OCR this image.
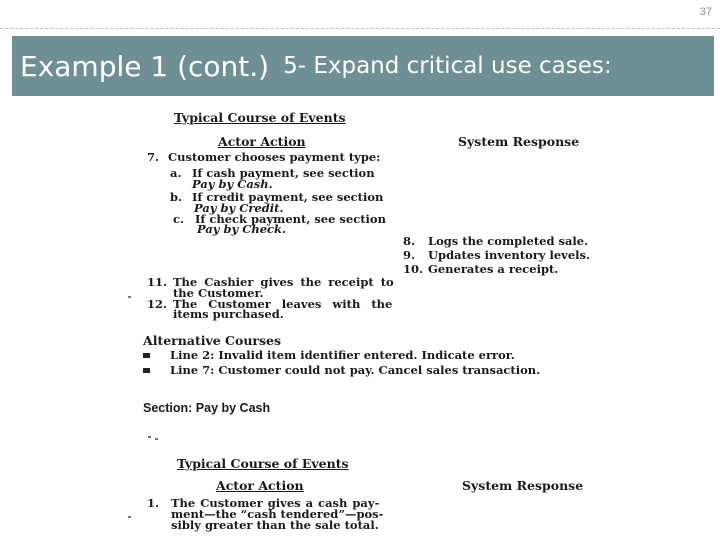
37
Example 1 (cont.) 5- Expand critical use cases:
Typical Course of Events
Actor Action	System Response
7. Customer chooses payment type:
a. If cash payment, see section
Pay by Cash.
b. If credit payment, see section
Pay by Credit.
c. If check payment, see section
Pay by Check.
8. Logs the completed sale.
9. Updates inventory levels.
10. Generates a receipt.
11. The Cashier gives the receipt to
the Customer.
12. The Customer leaves with the
items purchased.
Alternative Courses
Line 2: Invalid item identifier entered. Indicate error.
Line 7: Customer could not pay. Cancel sales transaction.
Section: Pay by Cash
Typical Course of Events
Actor Action	System Response
1. The Customer gives a cash pay-
ment—the “cash tendered”—pos-
sibly greater than the sale total.
